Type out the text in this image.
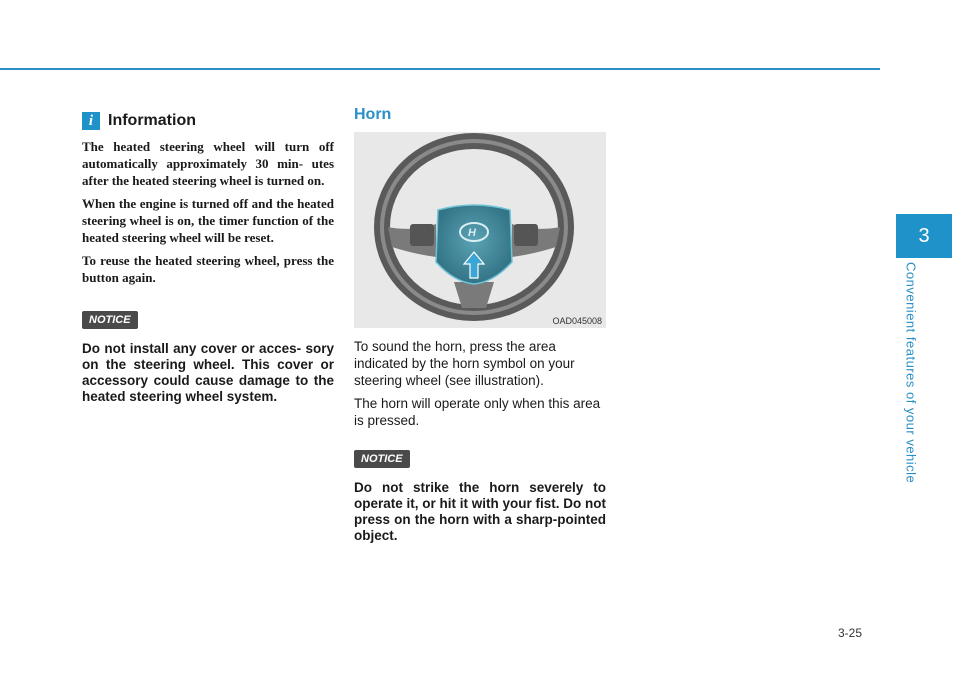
i Information

The heated steering wheel will turn off automatically approximately 30 min- utes after the heated steering wheel is turned on.

When the engine is turned off and the heated steering wheel is on, the timer function of the heated steering wheel will be reset.

To reuse the heated steering wheel, press the button again.

NOTICE

Do not install any cover or acces- sory on the steering wheel. This cover or accessory could cause damage to the heated steering wheel system.

Horn
H
OAD045008

To sound the horn, press the area indicated by the horn symbol on your steering wheel (see illustration).

The horn will operate only when this area is pressed.

NOTICE

Do not strike the horn severely to operate it, or hit it with your fist. Do not press on the horn with a sharp-pointed object.

3
Convenient features of your vehicle
3-25
